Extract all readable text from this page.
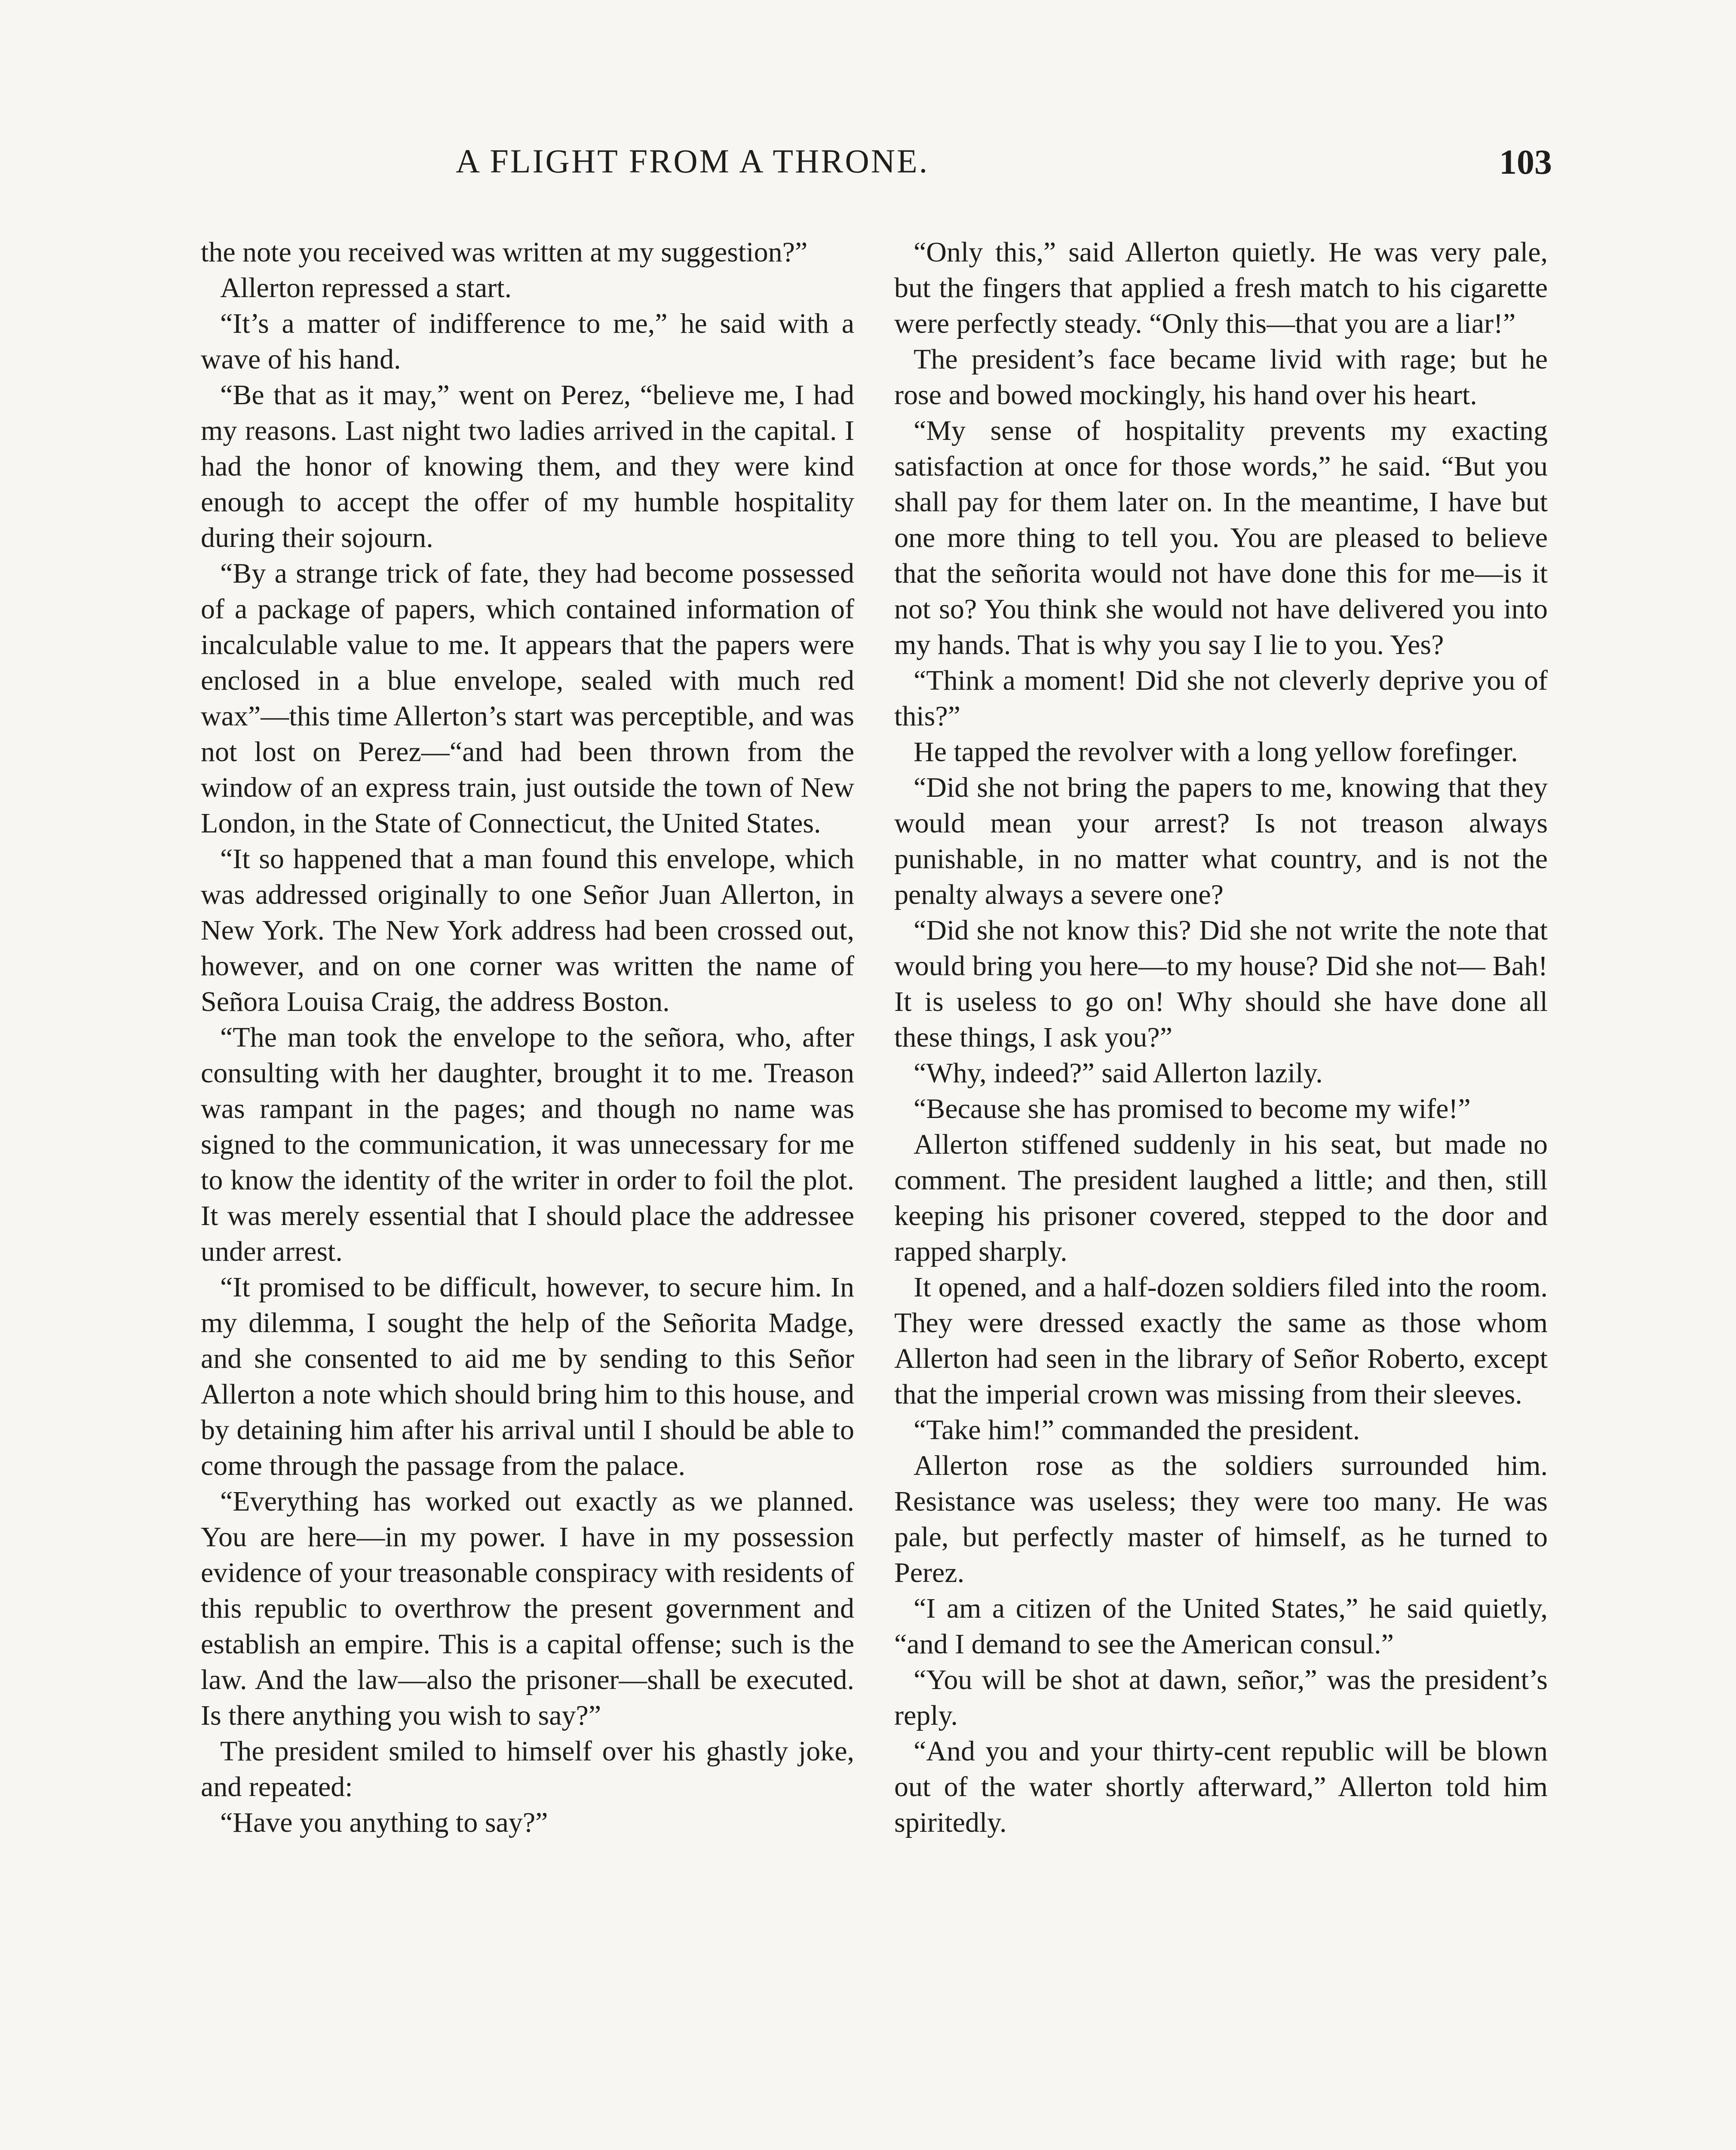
A FLIGHT FROM A THRONE.	103

the note you received was written at my suggestion?”

Allerton repressed a start.

“It’s a matter of indifference to me,” he said with a wave of his hand.

“Be that as it may,” went on Perez, “believe me, I had my reasons. Last night two ladies arrived in the capital. I had the honor of knowing them, and they were kind enough to accept the offer of my humble hospitality during their sojourn.

“By a strange trick of fate, they had become possessed of a package of papers, which contained information of incalculable value to me. It appears that the papers were enclosed in a blue envelope, sealed with much red wax”—this time Allerton’s start was perceptible, and was not lost on Perez—“and had been thrown from the window of an express train, just outside the town of New London, in the State of Connecticut, the United States.

“It so happened that a man found this envelope, which was addressed originally to one Señor Juan Allerton, in New York. The New York address had been crossed out, however, and on one corner was written the name of Señora Louisa Craig, the address Boston.

“The man took the envelope to the señora, who, after consulting with her daughter, brought it to me. Treason was rampant in the pages; and though no name was signed to the communication, it was unnecessary for me to know the identity of the writer in order to foil the plot. It was merely essential that I should place the addressee under arrest.

“It promised to be difficult, however, to secure him. In my dilemma, I sought the help of the Señorita Madge, and she consented to aid me by sending to this Señor Allerton a note which should bring him to this house, and by detaining him after his arrival until I should be able to come through the passage from the palace.

“Everything has worked out exactly as we planned. You are here—in my power. I have in my possession evidence of your treasonable conspiracy with residents of this republic to overthrow the present government and establish an empire. This is a capital offense; such is the law. And the law—also the prisoner—shall be executed. Is there anything you wish to say?”

The president smiled to himself over his ghastly joke, and repeated:

“Have you anything to say?”

“Only this,” said Allerton quietly. He was very pale, but the fingers that applied a fresh match to his cigarette were perfectly steady. “Only this—that you are a liar!”

The president’s face became livid with rage; but he rose and bowed mockingly, his hand over his heart.

“My sense of hospitality prevents my exacting satisfaction at once for those words,” he said. “But you shall pay for them later on. In the meantime, I have but one more thing to tell you. You are pleased to believe that the señorita would not have done this for me—is it not so? You think she would not have delivered you into my hands. That is why you say I lie to you. Yes?

“Think a moment! Did she not cleverly deprive you of this?”

He tapped the revolver with a long yellow forefinger.

“Did she not bring the papers to me, knowing that they would mean your arrest? Is not treason always punishable, in no matter what country, and is not the penalty always a severe one?

“Did she not know this? Did she not write the note that would bring you here—to my house? Did she not— Bah! It is useless to go on! Why should she have done all these things, I ask you?”

“Why, indeed?” said Allerton lazily.

“Because she has promised to become my wife!”

Allerton stiffened suddenly in his seat, but made no comment. The president laughed a little; and then, still keeping his prisoner covered, stepped to the door and rapped sharply.

It opened, and a half-dozen soldiers filed into the room. They were dressed exactly the same as those whom Allerton had seen in the library of Señor Roberto, except that the imperial crown was missing from their sleeves.

“Take him!” commanded the president.

Allerton rose as the soldiers surrounded him. Resistance was useless; they were too many. He was pale, but perfectly master of himself, as he turned to Perez.

“I am a citizen of the United States,” he said quietly, “and I demand to see the American consul.”

“You will be shot at dawn, señor,” was the president’s reply.

“And you and your thirty-cent republic will be blown out of the water shortly afterward,” Allerton told him spiritedly.
